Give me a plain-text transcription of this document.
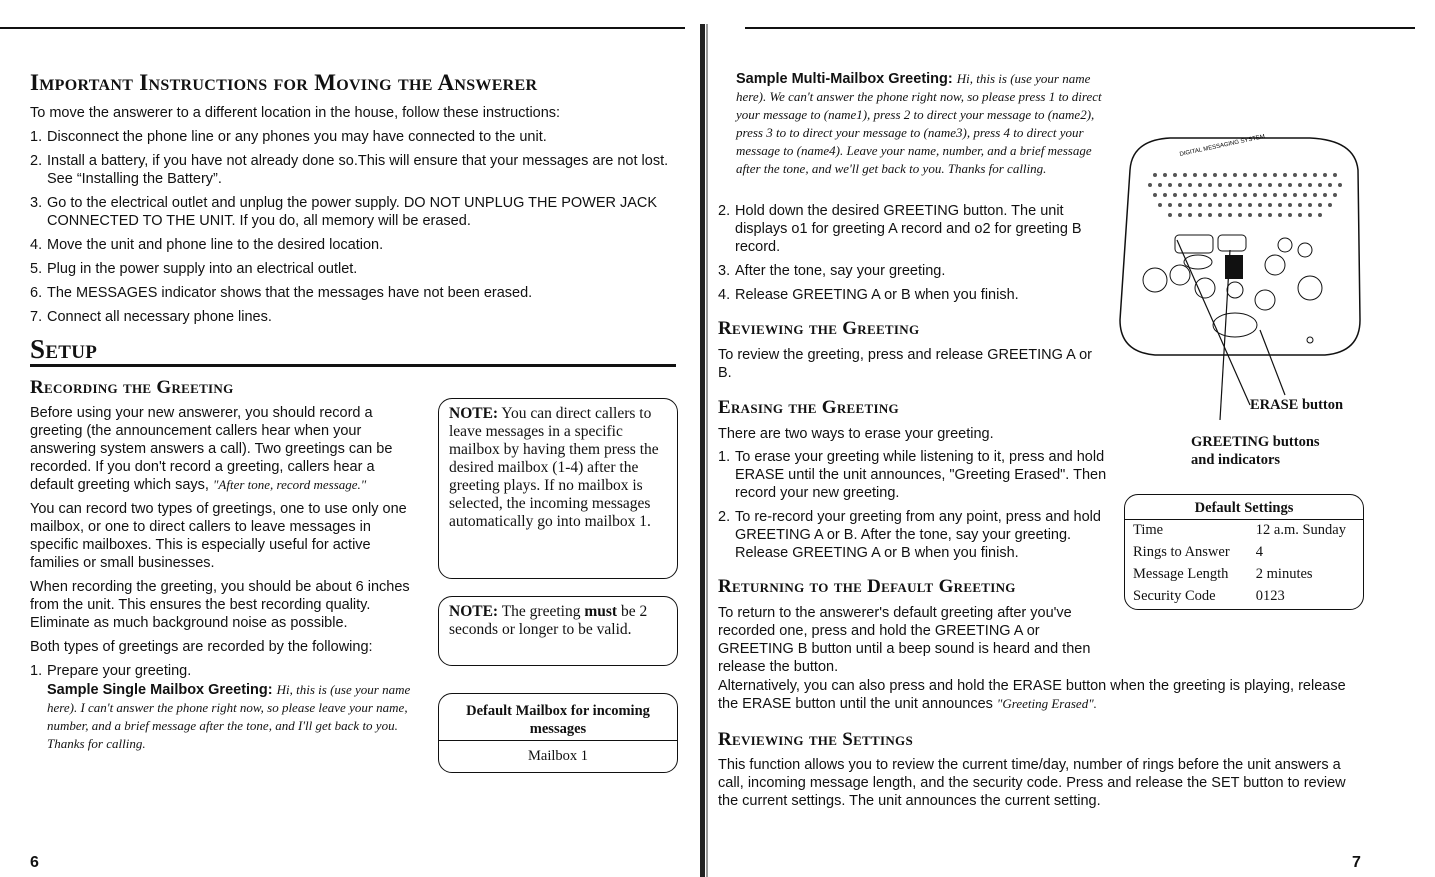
Important Instructions for Moving the Answerer
To move the answerer to a different location in the house, follow these instructions:
1. Disconnect the phone line or any phones you may have connected to the unit.
2. Install a battery, if you have not already done so.This will ensure that your messages are not lost. See “Installing the Battery”.
3. Go to the electrical outlet and unplug the power supply. DO NOT UNPLUG THE POWER JACK CONNECTED TO THE UNIT. If you do, all memory will be erased.
4. Move the unit and phone line to the desired location.
5. Plug in the power supply into an electrical outlet.
6. The MESSAGES indicator shows that the messages have not been erased.
7. Connect all necessary phone lines.
Setup
Recording the Greeting

Before using your new answerer, you should record a greeting (the announcement callers hear when your answering system answers a call). Two greetings can be recorded. If you don't record a greeting, callers hear a default greeting which says, "After tone, record message."

You can record two types of greetings, one to use only one mailbox, or one to direct callers to leave messages in specific mailboxes. This is especially useful for active families or small businesses.

When recording the greeting, you should be about 6 inches from the unit. This ensures the best recording quality. Eliminate as much background noise as possible.

Both types of greetings are recorded by the following:

1. Prepare your greeting.
Sample Single Mailbox Greeting: Hi, this is (use your name here). I can't answer the phone right now, so please leave your name, number, and a brief message after the tone, and I'll get back to you. Thanks for calling.
NOTE: You can direct callers to leave messages in a specific mailbox by having them press the desired mailbox (1-4) after the greeting plays. If no mailbox is selected, the incoming messages automatically go into mailbox 1.
NOTE: The greeting must be 2 seconds or longer to be valid.
Default Mailbox for incoming messages
Mailbox 1
6
Sample Multi-Mailbox Greeting: Hi, this is (use your name here). We can't answer the phone right now, so please press 1 to direct your message to (name1), press 2 to direct your message to (name2), press 3 to to direct your message to (name3), press 4 to direct your message to (name4). Leave your name, number, and a brief message after the tone, and we'll get back to you. Thanks for calling.
2. Hold down the desired GREETING button. The unit displays o1 for greeting A record and o2 for greeting B record.
3. After the tone, say your greeting.
4. Release GREETING A or B when you finish.
Reviewing the Greeting
To review the greeting, press and release GREETING A or B.
Erasing the Greeting
There are two ways to erase your greeting.
1. To erase your greeting while listening to it, press and hold ERASE until the unit announces, "Greeting Erased". Then record your new greeting.
2. To re-record your greeting from any point, press and hold GREETING A or B. After the tone, say your greeting. Release GREETING A or B when you finish.
Returning to the Default Greeting
To return to the answerer's default greeting after you've recorded one, press and hold the GREETING A or GREETING B button until a beep sound is heard and then release the button.
Alternatively, you can also press and hold the ERASE button when the greeting is playing, release the ERASE button until the unit announces "Greeting Erased".
Reviewing the Settings
This function allows you to review the current time/day, number of rings before the unit answers a call, incoming message length, and the security code. Press and release the SET button to review the current settings. The unit announces the current setting.
DIGITAL MESSAGING SYSTEM
ERASE button
GREETING buttons and indicators
Default Settings
Time	12 a.m. Sunday
Rings to Answer	4
Message Length	2 minutes
Security Code	0123
7
